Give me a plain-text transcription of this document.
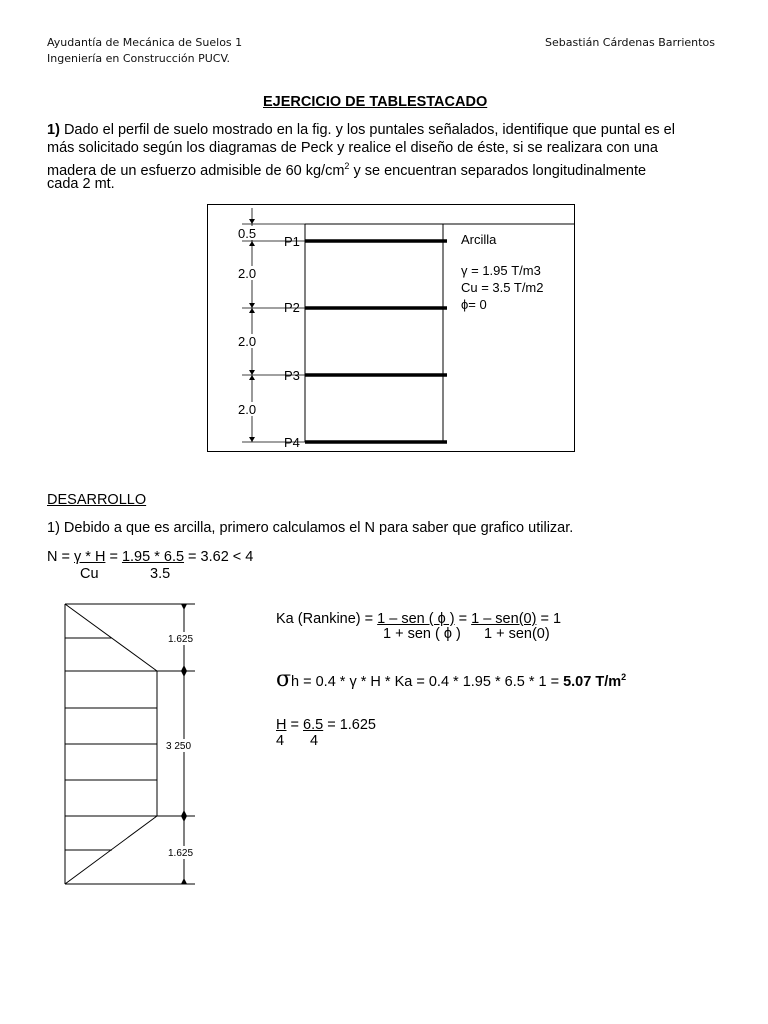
Ayudantía de Mecánica de Suelos 1
Ingeniería en Construcción PUCV.
Sebastián Cárdenas Barrientos
EJERCICIO DE TABLESTACADO
1) Dado el perfil de suelo mostrado en la fig. y los puntales señalados, identifique que puntal es el
más solicitado según los diagramas de Peck y realice el diseño de éste, si se realizara con una
madera de un esfuerzo admisible de 60 $kg/cm^2$ y se encuentran separados longitudinalmente
cada 2 mt.
0.5
2.0
2.0
2.0
P1
P2
P3
P4
Arcilla
γ = 1.95 T/m3
Cu = 3.5 T/m2
ϕ= 0
DESARROLLO
1) Debido a que es arcilla, primero calculamos el N para saber que grafico utilizar.
N = γ * H = 1.95 * 6.5 = 3.62 < 4
Cu	3.5
1.625
3 250
1.625
Ka (Rankine) = 1 – sen ( ϕ ) = 1 – sen(0) = 1
1 + sen ( ϕ ) 1 + sen(0)
σh = 0.4 * γ * H * Ka = 0.4 * 1.95 * 6.5 * 1 = 5.07 $T/m^2$
H = 6.5 = 1.625
4 4
